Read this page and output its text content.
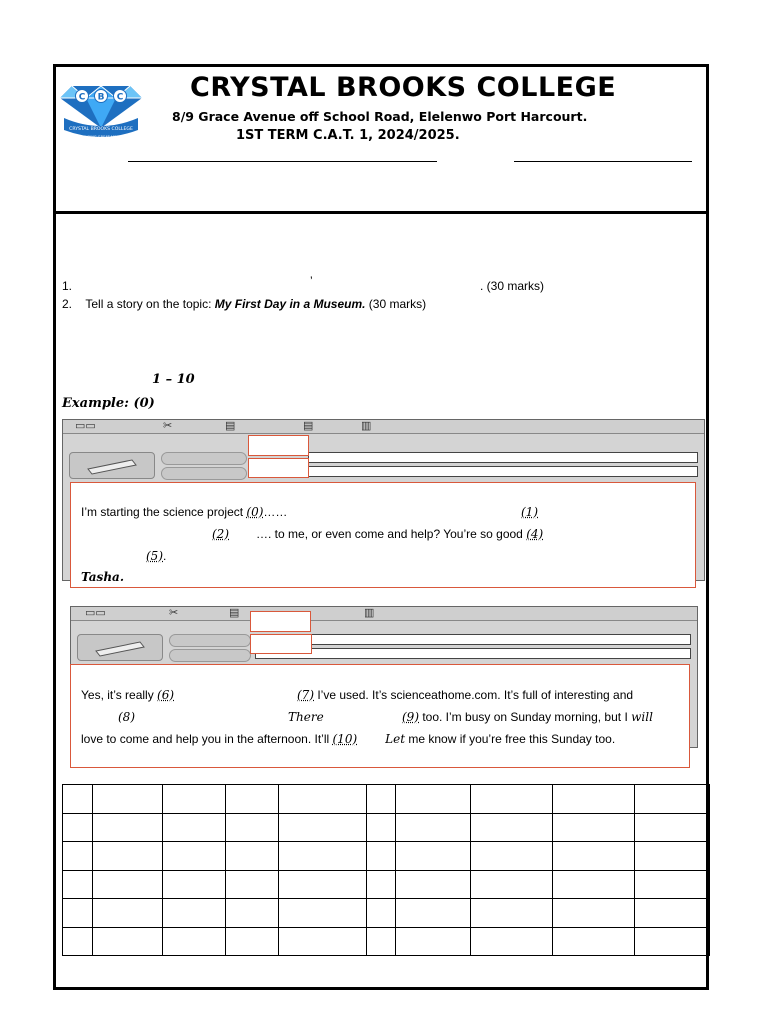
C B C
CRYSTAL BROOKS COLLEGE
BUILDING GREAT MINDS
CRYSTAL BROOKS COLLEGE
8/9 Grace Avenue off School Road, Elelenwo Port Harcourt.
1ST TERM C.A.T. 1, 2024/2025.
1.	’	. (30 marks)
2. Tell a story on the topic: My First Day in a Museum. (30 marks)
1 – 10
Example: (0)
▭▭	✂	▤	▤	▥
I’m starting the science project (0)……	(1)
(2) …. to me, or even come and help? You’re so good (4)
(5).
Tasha.
▭▭	✂	▤	▥
Yes, it’s really (6)	(7) I’ve used. It’s scienceathome.com. It’s full of interesting and
(8)	There	(9) too. I’m busy on Sunday morning, but I will
love to come and help you in the afternoon. It’ll (10) Let me know if you’re free this Sunday too.
